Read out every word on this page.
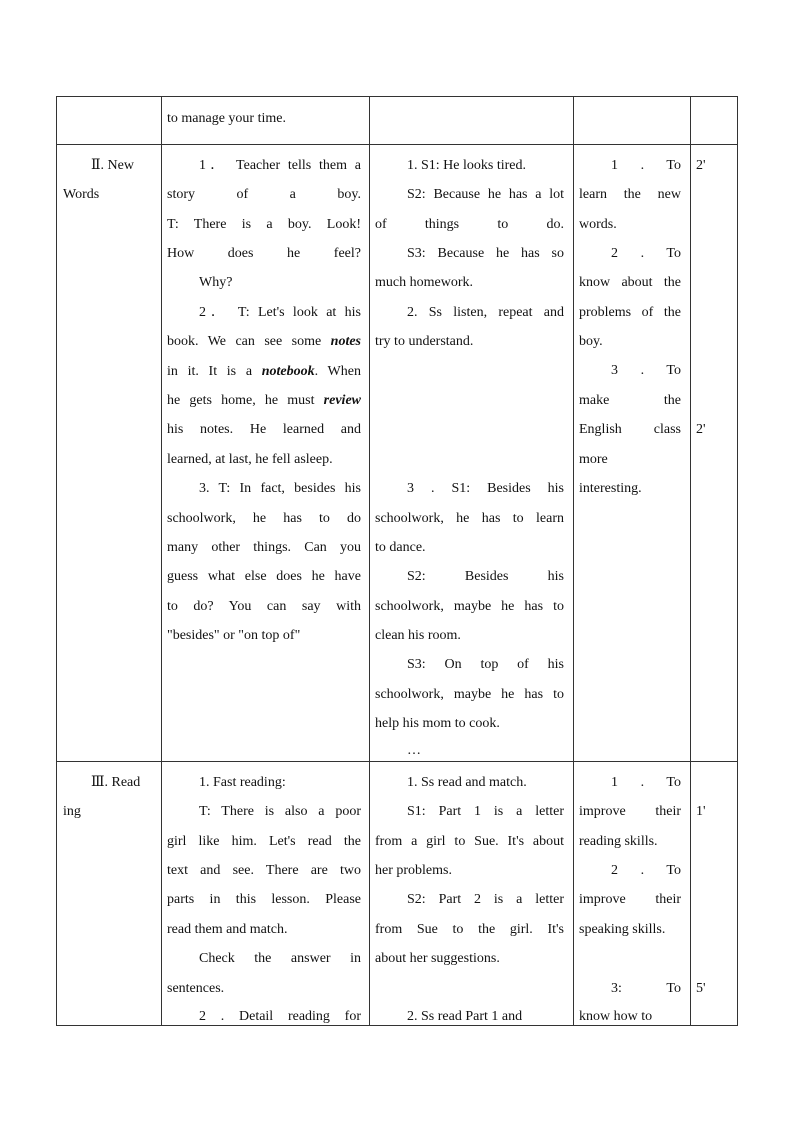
to manage your time.
Ⅱ. New
Words
1． Teacher tells them a
story of a boy.
T: There is a boy. Look!
How does he feel?
Why?
2． T: Let's look at his
book. We can see some notes
in it. It is a notebook. When
he gets home, he must review
his notes. He learned and
learned, at last, he fell asleep.
3. T: In fact, besides his
schoolwork, he has to do
many other things. Can you
guess what else does he have
to do? You can say with
"besides" or "on top of"
1. S1: He looks tired.
S2: Because he has a lot
of things to do.
S3: Because he has so
much homework.
2. Ss listen, repeat and
try to understand.
3 . S1: Besides his
schoolwork, he has to learn
to dance.
S2: Besides his
schoolwork, maybe he has to
clean his room.
S3: On top of his
schoolwork, maybe he has to
help his mom to cook.
…
1 . To
learn the new
words.
2 . To
know about the
problems of the
boy.
3 . To
make the
English class
more
interesting.
2'
2'
Ⅲ. Read
ing
1. Fast reading:
T: There is also a poor
girl like him. Let's read the
text and see. There are two
parts in this lesson. Please
read them and match.
Check the answer in
sentences.
2 . Detail reading for
1. Ss read and match.
S1: Part 1 is a letter
from a girl to Sue. It's about
her problems.
S2: Part 2 is a letter
from Sue to the girl. It's
about her suggestions.
2. Ss read Part 1 and
1 . To
improve their
reading skills.
2 . To
improve their
speaking skills.
3: To
know how to
1'
5'
